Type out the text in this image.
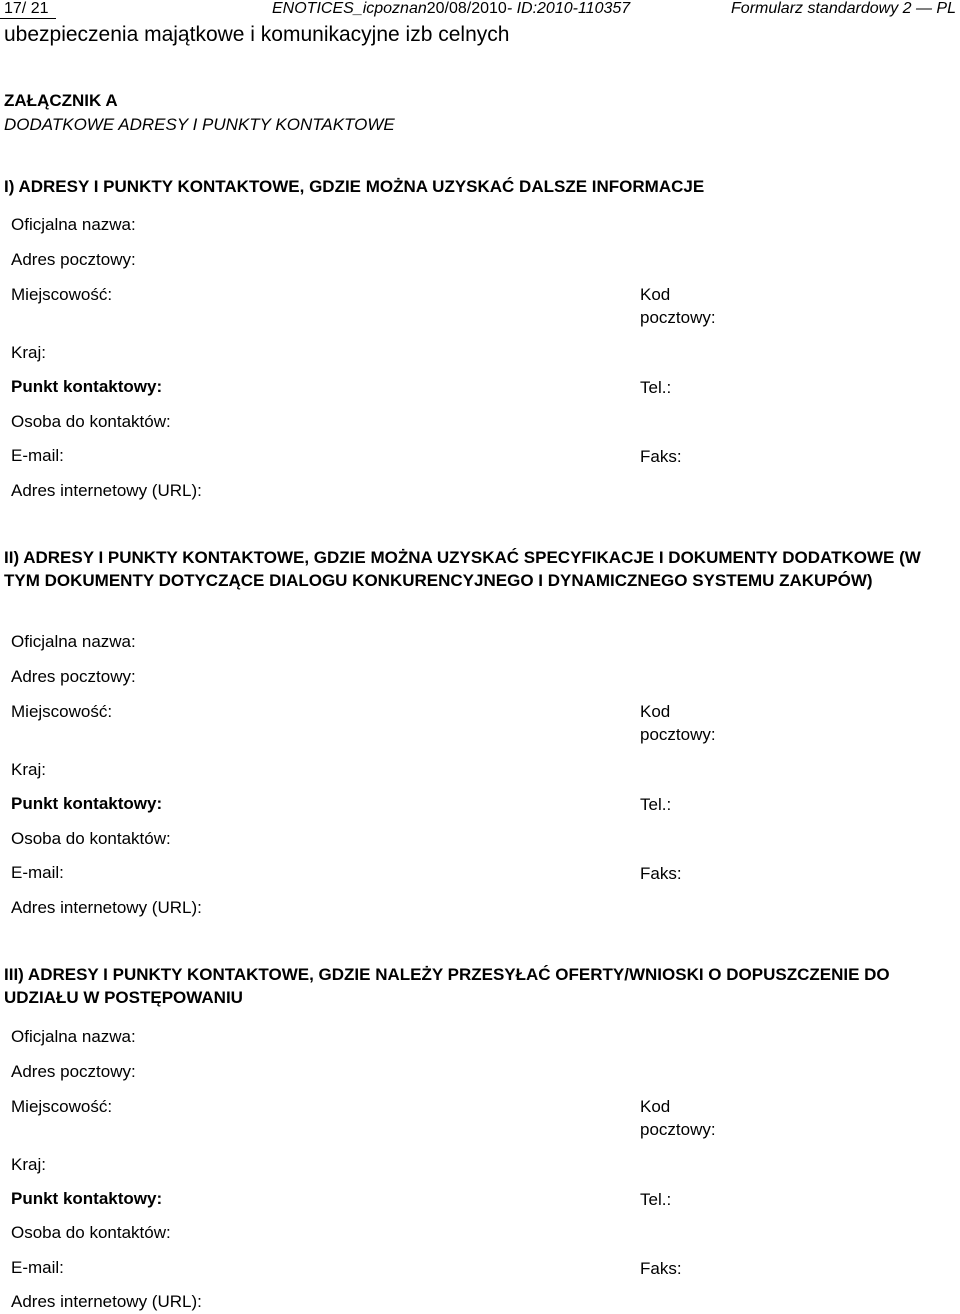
17/ 21	ENOTICES_icpoznan20/08/2010- ID:2010-110357	Formularz standardowy 2 — PL
ubezpieczenia majątkowe i komunikacyjne izb celnych
ZAŁĄCZNIK A
DODATKOWE ADRESY I PUNKTY KONTAKTOWE
I) ADRESY I PUNKTY KONTAKTOWE, GDZIE MOŻNA UZYSKAĆ DALSZE INFORMACJE
Oficjalna nazwa:
Adres pocztowy:
Miejscowość:	Kod pocztowy:
Kraj:
Punkt kontaktowy:	Tel.:
Osoba do kontaktów:
E-mail:	Faks:
Adres internetowy (URL):
II) ADRESY I PUNKTY KONTAKTOWE, GDZIE MOŻNA UZYSKAĆ SPECYFIKACJE I DOKUMENTY DODATKOWE (W TYM DOKUMENTY DOTYCZĄCE DIALOGU KONKURENCYJNEGO I DYNAMICZNEGO SYSTEMU ZAKUPÓW)
Oficjalna nazwa:
Adres pocztowy:
Miejscowość:	Kod pocztowy:
Kraj:
Punkt kontaktowy:	Tel.:
Osoba do kontaktów:
E-mail:	Faks:
Adres internetowy (URL):
III) ADRESY I PUNKTY KONTAKTOWE, GDZIE NALEŻY PRZESYŁAĆ OFERTY/WNIOSKI O DOPUSZCZENIE DO UDZIAŁU W POSTĘPOWANIU
Oficjalna nazwa:
Adres pocztowy:
Miejscowość:	Kod pocztowy:
Kraj:
Punkt kontaktowy:	Tel.:
Osoba do kontaktów:
E-mail:	Faks:
Adres internetowy (URL):
